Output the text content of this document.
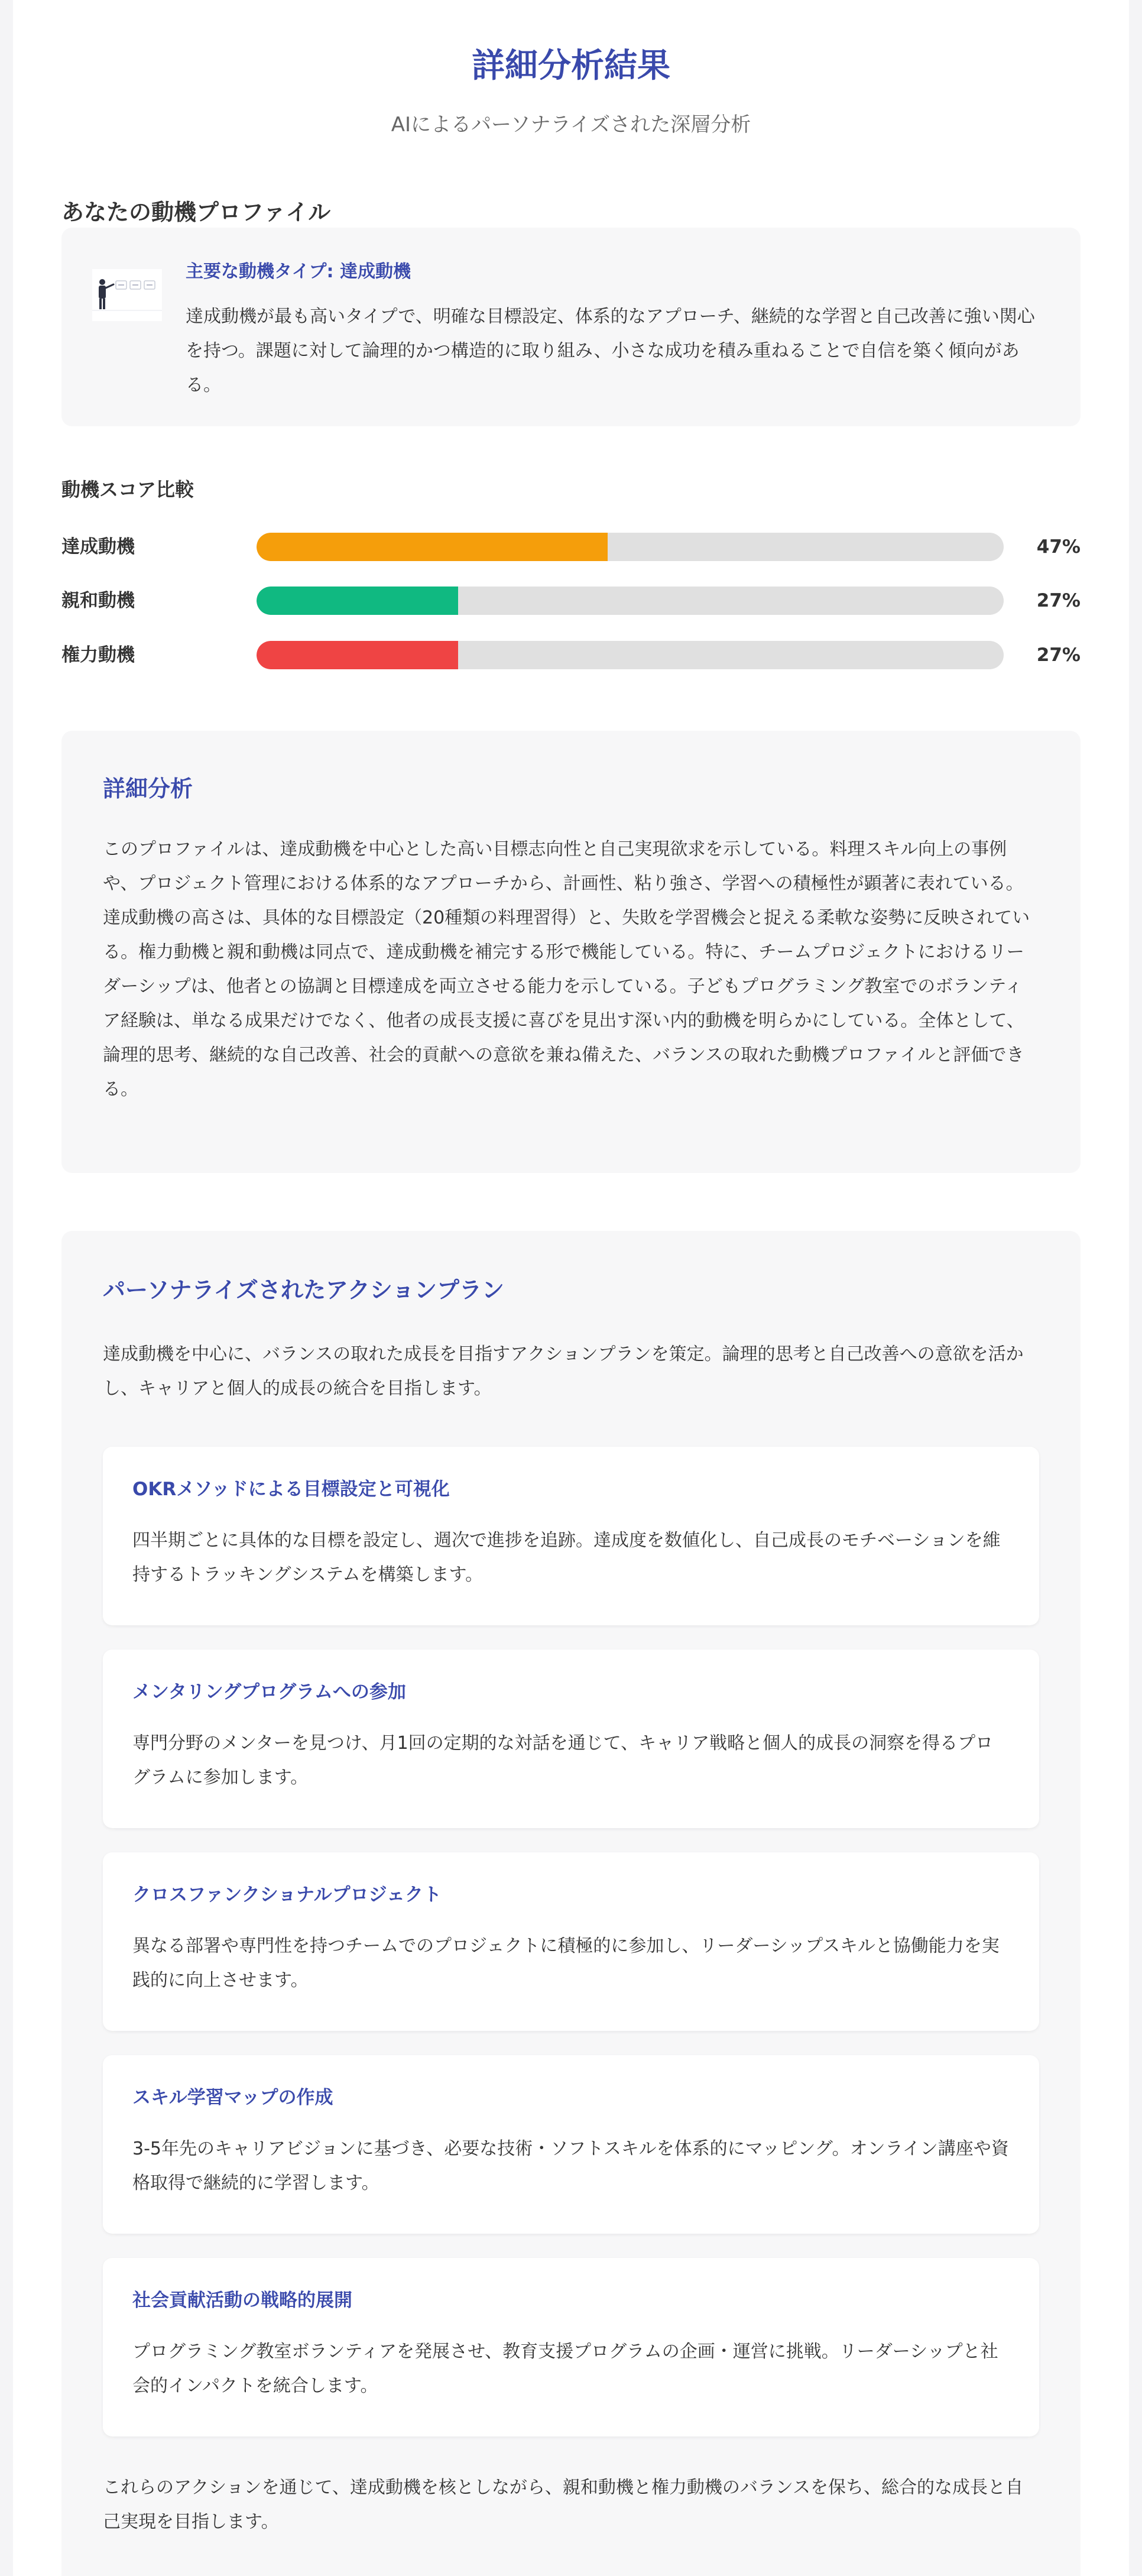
詳細分析結果
AIによるパーソナライズされた深層分析
あなたの動機プロファイル
主要な動機タイプ: 達成動機
達成動機が最も高いタイプで、明確な目標設定、体系的なアプローチ、継続的な学習と自己改善に強い関心を持つ。課題に対して論理的かつ構造的に取り組み、小さな成功を積み重ねることで自信を築く傾向がある。
動機スコア比較
達成動機	47%
親和動機	27%
権力動機	27%
詳細分析
このプロファイルは、達成動機を中心とした高い目標志向性と自己実現欲求を示している。料理スキル向上の事例や、プロジェクト管理における体系的なアプローチから、計画性、粘り強さ、学習への積極性が顕著に表れている。達成動機の高さは、具体的な目標設定（20種類の料理習得）と、失敗を学習機会と捉える柔軟な姿勢に反映されている。権力動機と親和動機は同点で、達成動機を補完する形で機能している。特に、チームプロジェクトにおけるリーダーシップは、他者との協調と目標達成を両立させる能力を示している。子どもプログラミング教室でのボランティア経験は、単なる成果だけでなく、他者の成長支援に喜びを見出す深い内的動機を明らかにしている。全体として、論理的思考、継続的な自己改善、社会的貢献への意欲を兼ね備えた、バランスの取れた動機プロファイルと評価できる。
パーソナライズされたアクションプラン
達成動機を中心に、バランスの取れた成長を目指すアクションプランを策定。論理的思考と自己改善への意欲を活かし、キャリアと個人的成長の統合を目指します。
OKRメソッドによる目標設定と可視化
四半期ごとに具体的な目標を設定し、週次で進捗を追跡。達成度を数値化し、自己成長のモチベーションを維持するトラッキングシステムを構築します。
メンタリングプログラムへの参加
専門分野のメンターを見つけ、月1回の定期的な対話を通じて、キャリア戦略と個人的成長の洞察を得るプログラムに参加します。
クロスファンクショナルプロジェクト
異なる部署や専門性を持つチームでのプロジェクトに積極的に参加し、リーダーシップスキルと協働能力を実践的に向上させます。
スキル学習マップの作成
3-5年先のキャリアビジョンに基づき、必要な技術・ソフトスキルを体系的にマッピング。オンライン講座や資格取得で継続的に学習します。
社会貢献活動の戦略的展開
プログラミング教室ボランティアを発展させ、教育支援プログラムの企画・運営に挑戦。リーダーシップと社会的インパクトを統合します。
これらのアクションを通じて、達成動機を核としながら、親和動機と権力動機のバランスを保ち、総合的な成長と自己実現を目指します。
